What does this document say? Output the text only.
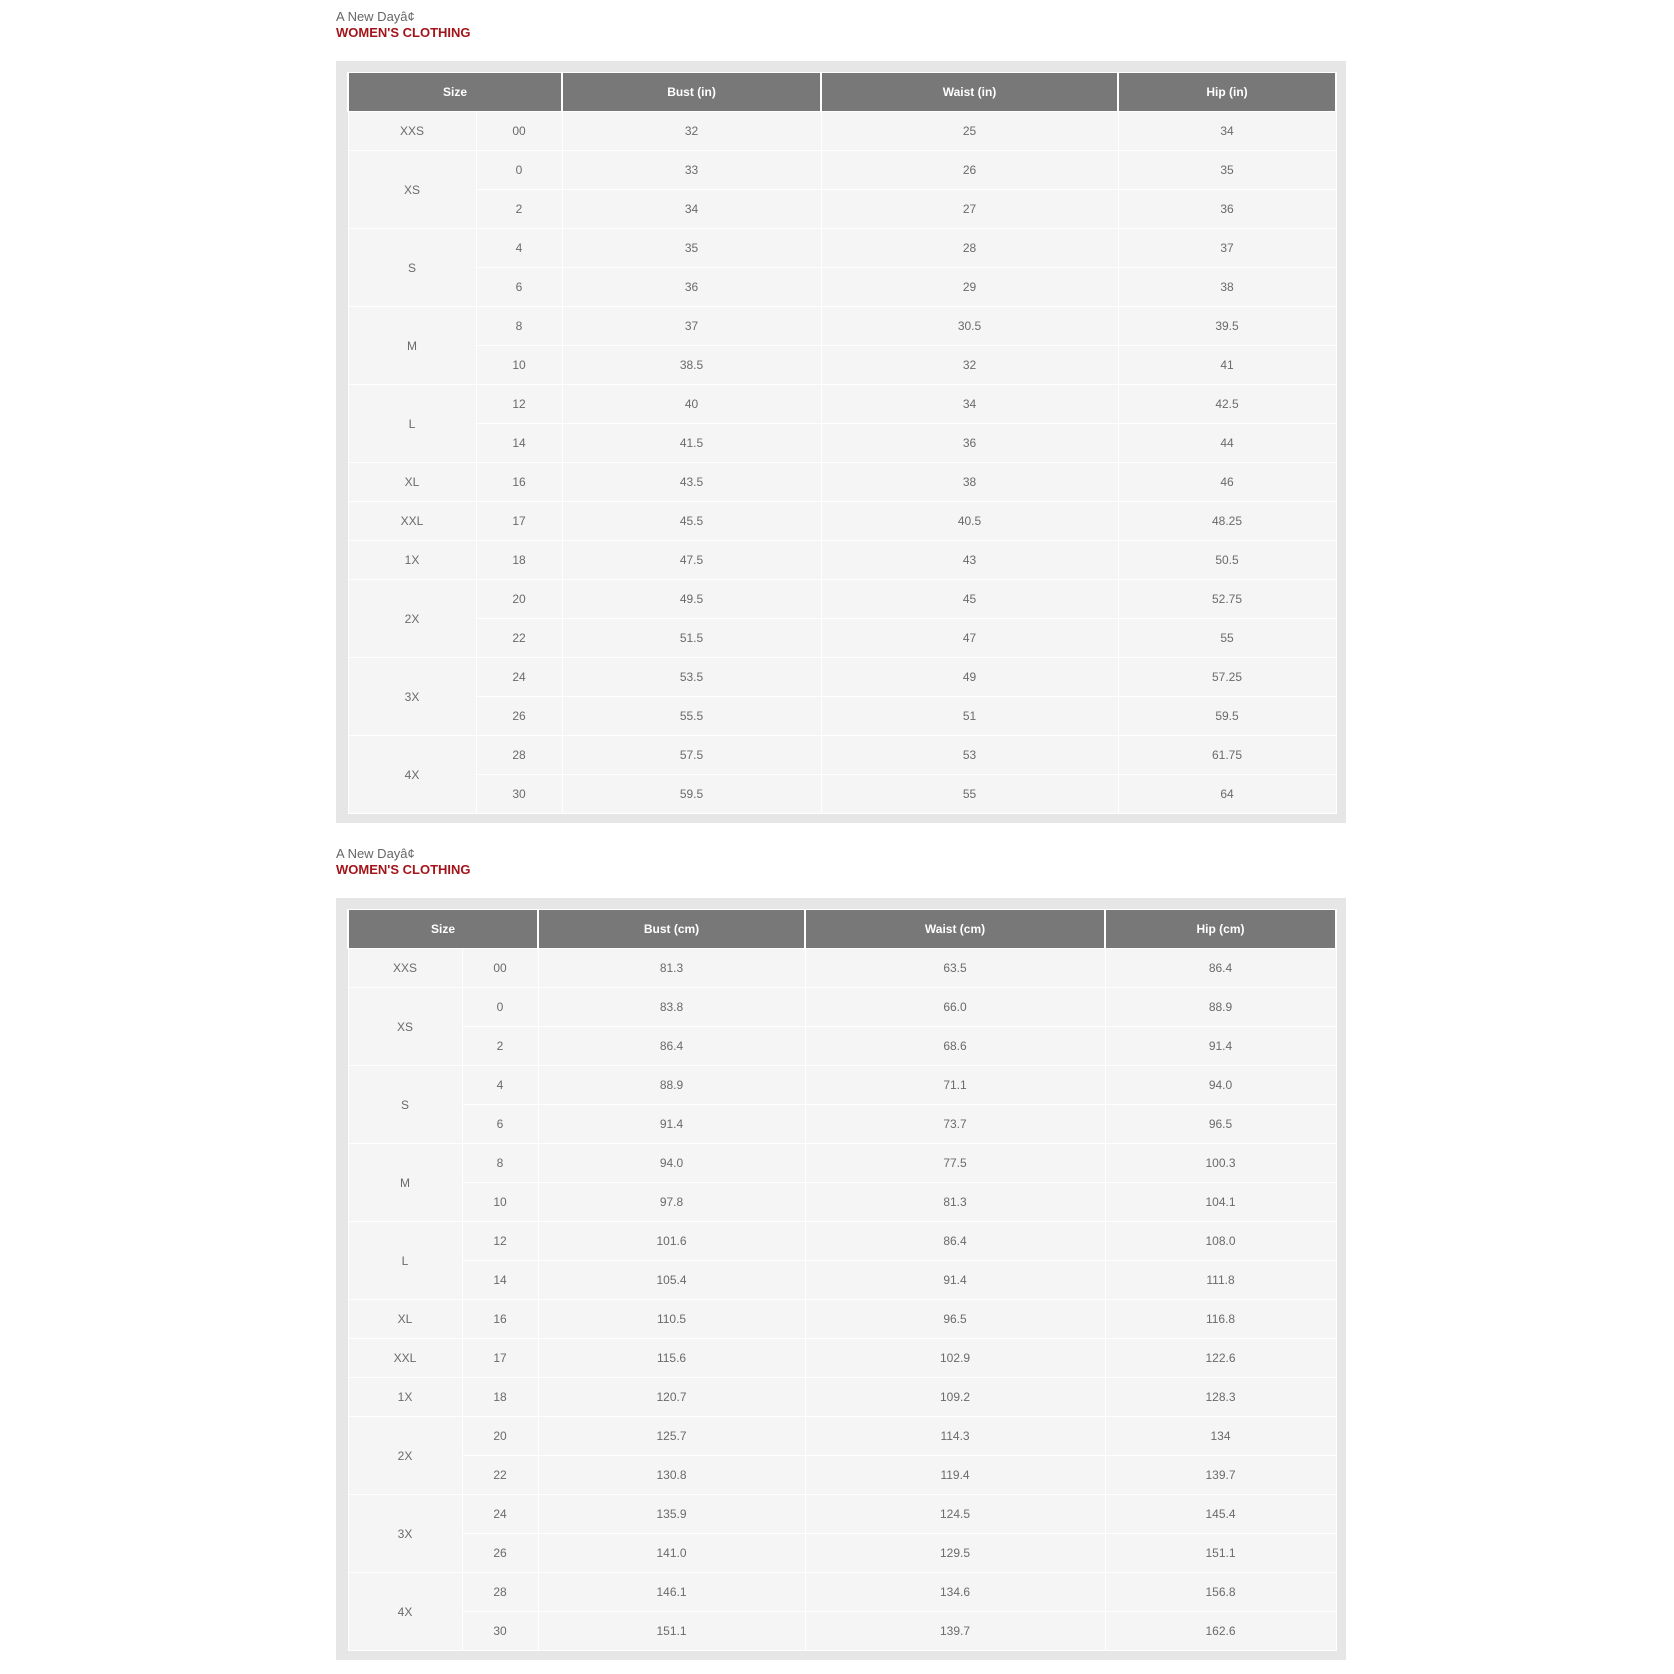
A New Dayâ¢
WOMEN'S CLOTHING
Size		Bust (in)	Waist (in)	Hip (in)
XXS	00	32	25	34
XS	0	33	26	35
	2	34	27	36
S	4	35	28	37
	6	36	29	38
M	8	37	30.5	39.5
	10	38.5	32	41
L	12	40	34	42.5
	14	41.5	36	44
XL	16	43.5	38	46
XXL	17	45.5	40.5	48.25
1X	18	47.5	43	50.5
2X	20	49.5	45	52.75
	22	51.5	47	55
3X	24	53.5	49	57.25
	26	55.5	51	59.5
4X	28	57.5	53	61.75
	30	59.5	55	64
A New Dayâ¢
WOMEN'S CLOTHING
Size		Bust (cm)	Waist (cm)	Hip (cm)
XXS	00	81.3	63.5	86.4
XS	0	83.8	66.0	88.9
	2	86.4	68.6	91.4
S	4	88.9	71.1	94.0
	6	91.4	73.7	96.5
M	8	94.0	77.5	100.3
	10	97.8	81.3	104.1
L	12	101.6	86.4	108.0
	14	105.4	91.4	111.8
XL	16	110.5	96.5	116.8
XXL	17	115.6	102.9	122.6
1X	18	120.7	109.2	128.3
2X	20	125.7	114.3	134
	22	130.8	119.4	139.7
3X	24	135.9	124.5	145.4
	26	141.0	129.5	151.1
4X	28	146.1	134.6	156.8
	30	151.1	139.7	162.6
